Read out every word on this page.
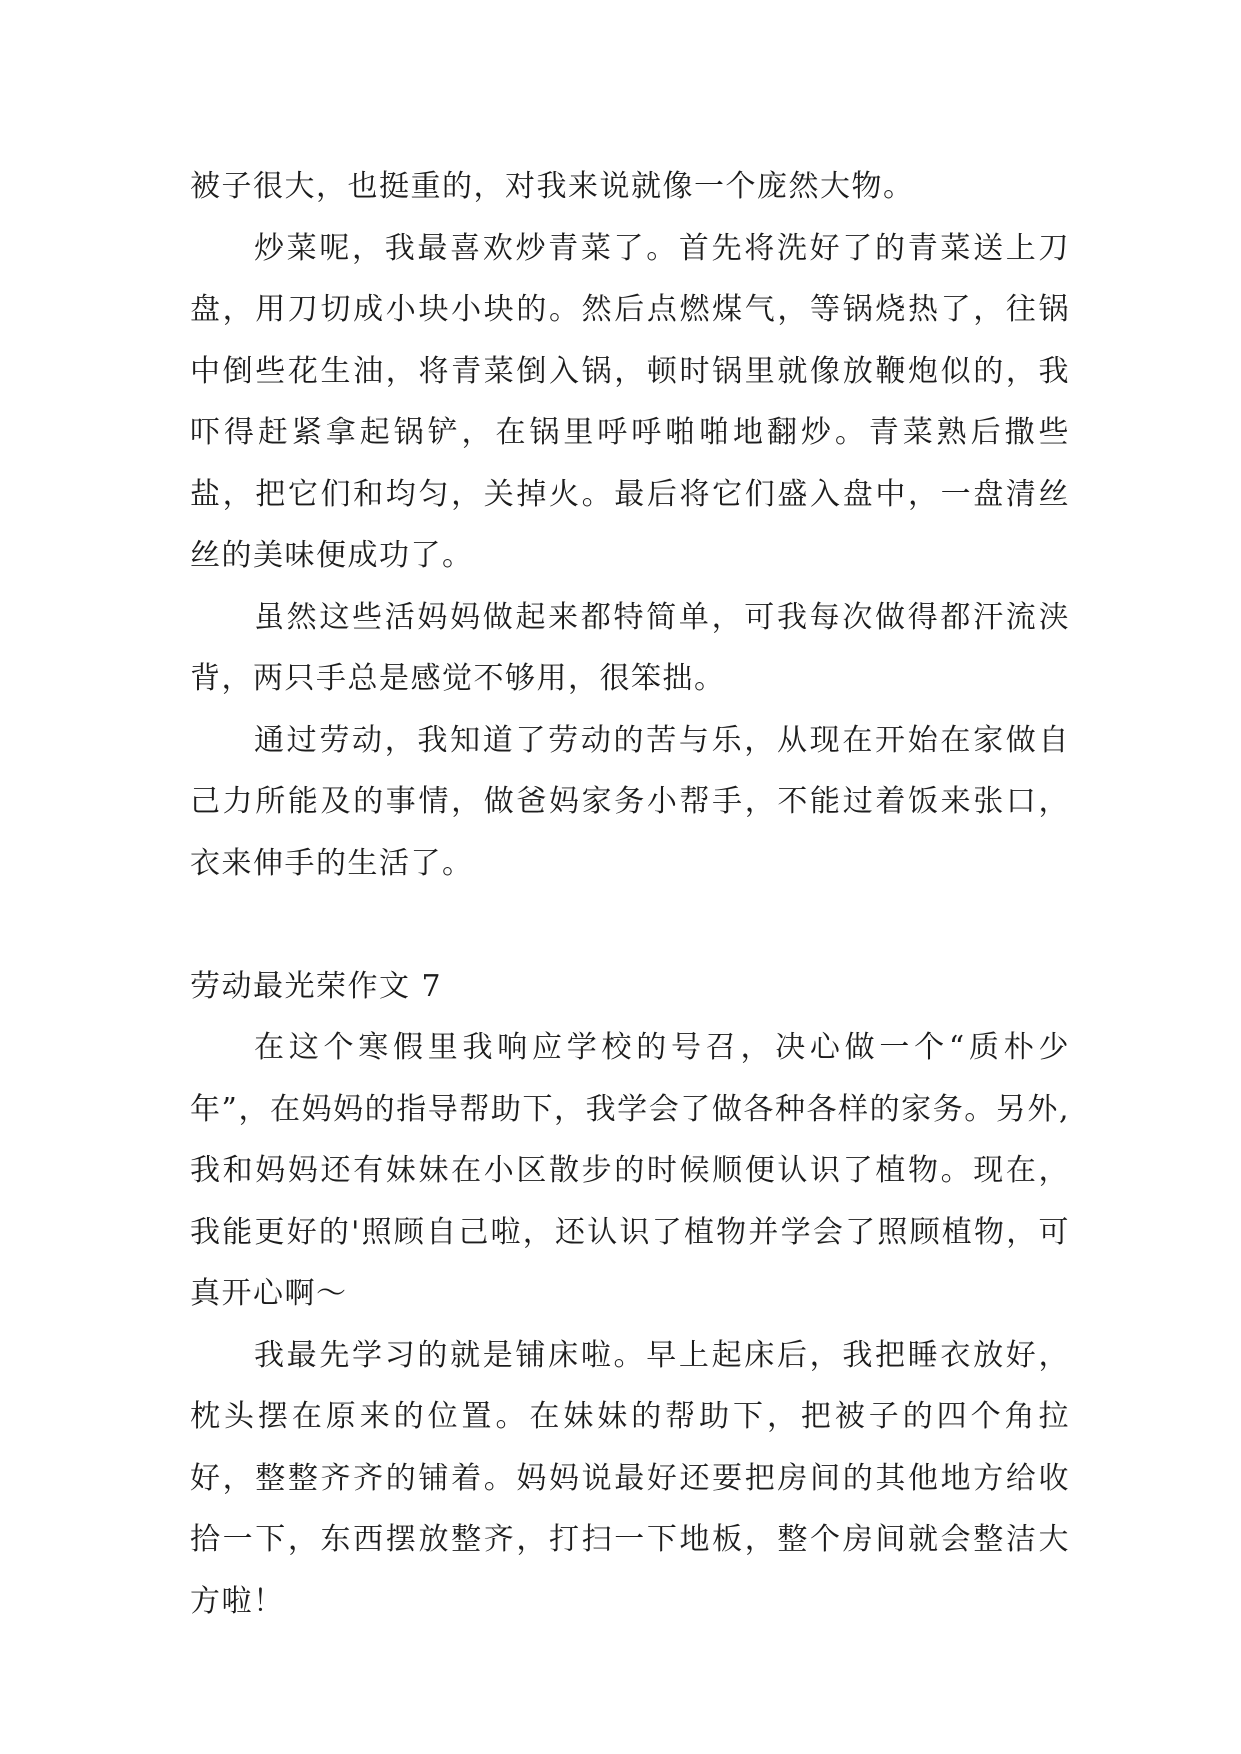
被子很大，也挺重的，对我来说就像一个庞然大物。

炒菜呢，我最喜欢炒青菜了。首先将洗好了的青菜送上刀盘，用刀切成小块小块的。然后点燃煤气，等锅烧热了，往锅中倒些花生油，将青菜倒入锅，顿时锅里就像放鞭炮似的，我吓得赶紧拿起锅铲，在锅里呼呼啪啪地翻炒。青菜熟后撒些盐，把它们和均匀，关掉火。最后将它们盛入盘中，一盘清丝丝的美味便成功了。

虽然这些活妈妈做起来都特简单，可我每次做得都汗流浃背，两只手总是感觉不够用，很笨拙。

通过劳动，我知道了劳动的苦与乐，从现在开始在家做自己力所能及的事情，做爸妈家务小帮手，不能过着饭来张口，衣来伸手的生活了。

劳动最光荣作文 7

在这个寒假里我响应学校的号召，决心做一个“质朴少年”，在妈妈的指导帮助下，我学会了做各种各样的家务。另外,我和妈妈还有妹妹在小区散步的时候顺便认识了植物。现在，我能更好的'照顾自己啦，还认识了植物并学会了照顾植物，可真开心啊～

我最先学习的就是铺床啦。早上起床后，我把睡衣放好，枕头摆在原来的位置。在妹妹的帮助下，把被子的四个角拉好，整整齐齐的铺着。妈妈说最好还要把房间的其他地方给收拾一下，东西摆放整齐，打扫一下地板，整个房间就会整洁大方啦！
